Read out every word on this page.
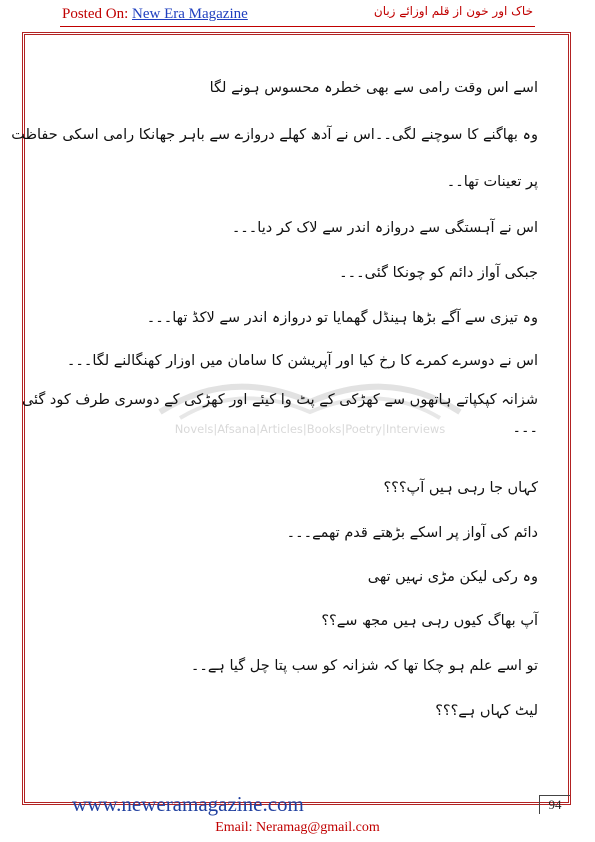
Posted On: New Era Magazine	خاک اور خون از قلم اوزائے زبان
Novels|Afsana|Articles|Books|Poetry|Interviews
اسے اس وقت رامی سے بھی خطرہ محسوس ہونے لگا
وہ بھاگنے کا سوچنے لگی۔۔اس نے آدھ کھلے دروازے سے باہر جھانکا رامی اسکی حفاظت
پر تعینات تھا۔۔
اس نے آہستگی سے دروازہ اندر سے لاک کر دیا۔۔۔
جبکی آواز دائم کو چونکا گئی۔۔۔
وہ تیزی سے آگے بڑھا ہینڈل گھمایا تو دروازہ اندر سے لاکڈ تھا۔۔۔
اس نے دوسرے کمرے کا رخ کیا اور آپریشن کا سامان میں اوزار کھنگالنے لگا۔۔۔
شزانہ کپکپاتے ہاتھوں سے کھڑکی کے پٹ وا کیئے اور کھڑکی کے دوسری طرف کود گئی
۔۔۔
کہاں جا رہی ہیں آپ؟؟؟
دائم کی آواز پر اسکے بڑھتے قدم تھمے۔۔۔
وہ رکی لیکن مڑی نہیں تھی
آپ بھاگ کیوں رہی ہیں مجھ سے؟؟
تو اسے علم ہو چکا تھا کہ شزانہ کو سب پتا چل گیا ہے۔۔
لیٹ کہاں ہے؟؟؟
www.neweramagazine.com	94
Email: Neramag@gmail.com
